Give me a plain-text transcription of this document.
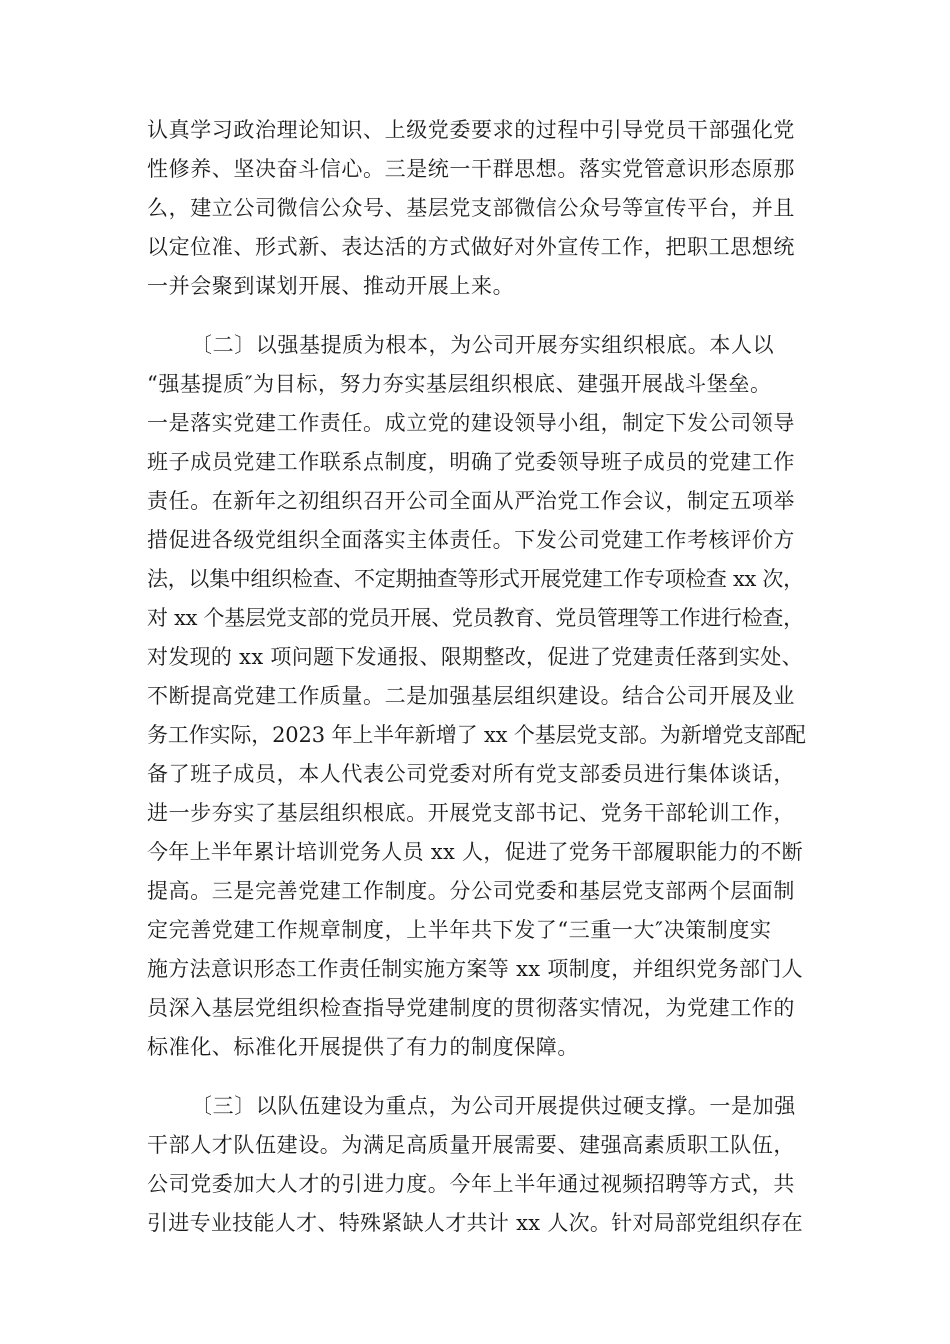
认真学习政治理论知识、上级党委要求的过程中引导党员干部强化党
性修养、坚决奋斗信心。三是统一干群思想。落实党管意识形态原那
么，建立公司微信公众号、基层党支部微信公众号等宣传平台，并且
以定位准、形式新、表达活的方式做好对外宣传工作，把职工思想统
一并会聚到谋划开展、推动开展上来。
〔二〕以强基提质为根本，为公司开展夯实组织根底。本人以
“强基提质″为目标，努力夯实基层组织根底、建强开展战斗堡垒。
一是落实党建工作责任。成立党的建设领导小组，制定下发公司领导
班子成员党建工作联系点制度，明确了党委领导班子成员的党建工作
责任。在新年之初组织召开公司全面从严治党工作会议，制定五项举
措促进各级党组织全面落实主体责任。下发公司党建工作考核评价方
法，以集中组织检查、不定期抽查等形式开展党建工作专项检查 xx 次，
对 xx 个基层党支部的党员开展、党员教育、党员管理等工作进行检查，
对发现的 xx 项问题下发通报、限期整改，促进了党建责任落到实处、
不断提高党建工作质量。二是加强基层组织建设。结合公司开展及业
务工作实际，2023 年上半年新增了 xx 个基层党支部。为新增党支部配
备了班子成员，本人代表公司党委对所有党支部委员进行集体谈话，
进一步夯实了基层组织根底。开展党支部书记、党务干部轮训工作，
今年上半年累计培训党务人员 xx 人，促进了党务干部履职能力的不断
提高。三是完善党建工作制度。分公司党委和基层党支部两个层面制
定完善党建工作规章制度，上半年共下发了“三重一大″决策制度实
施方法意识形态工作责任制实施方案等 xx 项制度，并组织党务部门人
员深入基层党组织检查指导党建制度的贯彻落实情况，为党建工作的
标准化、标准化开展提供了有力的制度保障。
〔三〕以队伍建设为重点，为公司开展提供过硬支撑。一是加强
干部人才队伍建设。为满足高质量开展需要、建强高素质职工队伍，
公司党委加大人才的引进力度。今年上半年通过视频招聘等方式，共
引进专业技能人才、特殊紧缺人才共计 xx 人次。针对局部党组织存在
